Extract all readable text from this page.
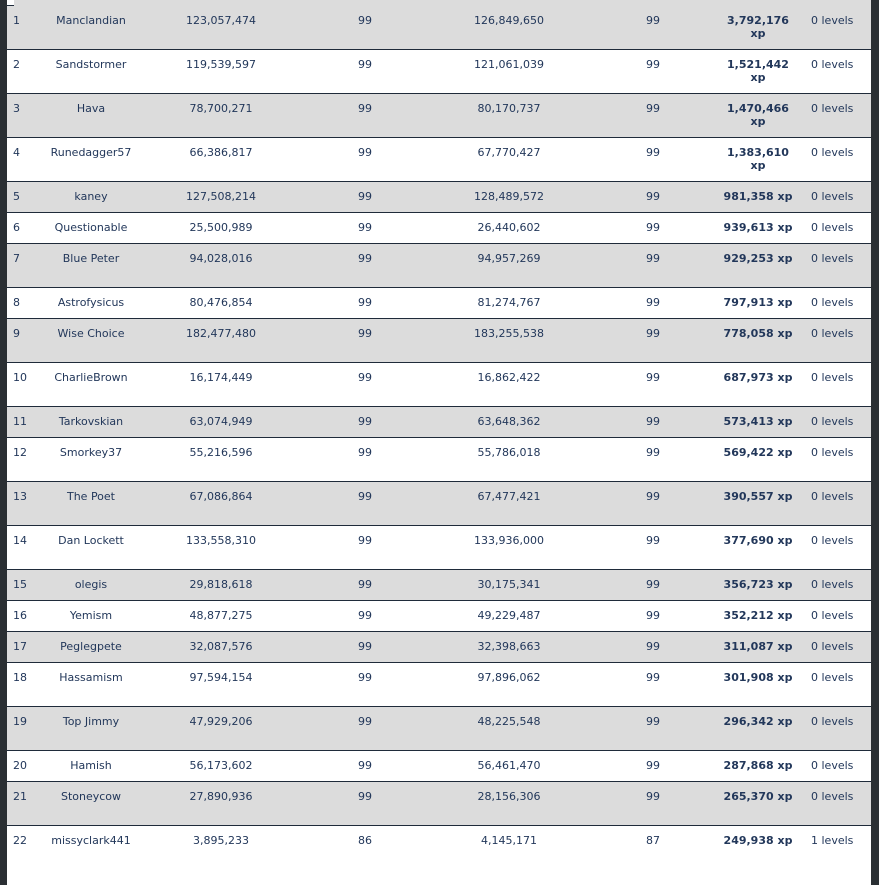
1	Manclandian	123,057,474	99	126,849,650	99	3,792,176 xp	0 levels
2	Sandstormer	119,539,597	99	121,061,039	99	1,521,442 xp	0 levels
3	Hava	78,700,271	99	80,170,737	99	1,470,466 xp	0 levels
4	Runedagger57	66,386,817	99	67,770,427	99	1,383,610 xp	0 levels
5	kaney	127,508,214	99	128,489,572	99	981,358 xp	0 levels
6	Questionable	25,500,989	99	26,440,602	99	939,613 xp	0 levels
7	Blue Peter	94,028,016	99	94,957,269	99	929,253 xp	0 levels
8	Astrofysicus	80,476,854	99	81,274,767	99	797,913 xp	0 levels
9	Wise Choice	182,477,480	99	183,255,538	99	778,058 xp	0 levels
10	CharlieBrown	16,174,449	99	16,862,422	99	687,973 xp	0 levels
11	Tarkovskian	63,074,949	99	63,648,362	99	573,413 xp	0 levels
12	Smorkey37	55,216,596	99	55,786,018	99	569,422 xp	0 levels
13	The Poet	67,086,864	99	67,477,421	99	390,557 xp	0 levels
14	Dan Lockett	133,558,310	99	133,936,000	99	377,690 xp	0 levels
15	olegis	29,818,618	99	30,175,341	99	356,723 xp	0 levels
16	Yemism	48,877,275	99	49,229,487	99	352,212 xp	0 levels
17	Peglegpete	32,087,576	99	32,398,663	99	311,087 xp	0 levels
18	Hassamism	97,594,154	99	97,896,062	99	301,908 xp	0 levels
19	Top Jimmy	47,929,206	99	48,225,548	99	296,342 xp	0 levels
20	Hamish	56,173,602	99	56,461,470	99	287,868 xp	0 levels
21	Stoneycow	27,890,936	99	28,156,306	99	265,370 xp	0 levels
22	missyclark441	3,895,233	86	4,145,171	87	249,938 xp	1 levels
